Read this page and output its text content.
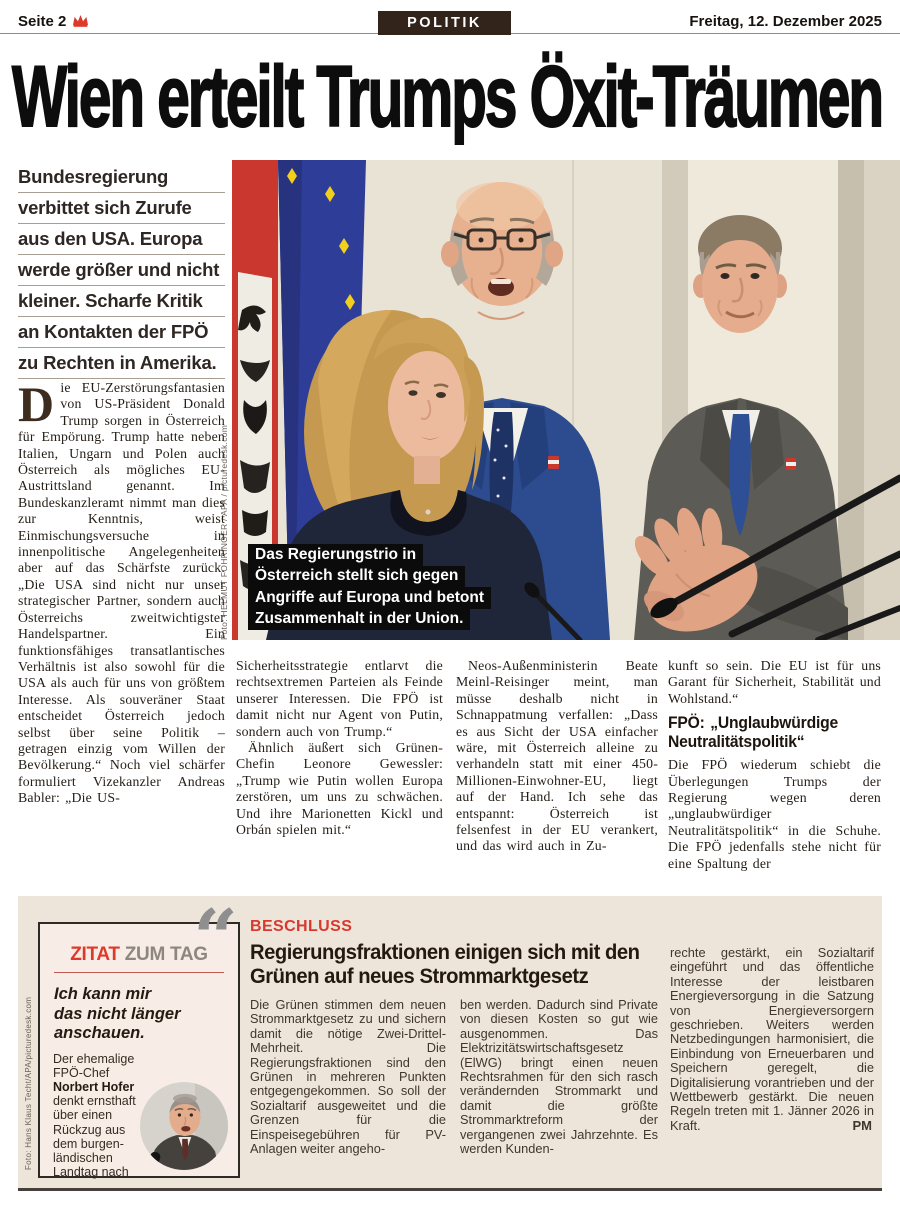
Seite 2	POLITIK	Freitag, 12. Dezember 2025
Wien erteilt Trumps Öxit-Träumen
Bundesregierung
verbittet sich Zurufe
aus den USA. Europa
werde größer und nicht
kleiner. Scharfe Kritik
an Kontakten der FPÖ
zu Rechten in Amerika.
Das Regierungstrio in
Österreich stellt sich gegen
Angriffe auf Europa und betont
Zusammenhalt in der Union.
Foto: HELMUT FOHRINGER / APA / picturedesk.com

Die EU-Zerstörungsfantasien von US-Präsident Donald Trump sorgen in Österreich für Empörung. Trump hatte neben Italien, Ungarn und Polen auch Österreich als mögliches EU-Austrittsland genannt. Im Bundeskanzleramt nimmt man dies zur Kenntnis, weist Einmischungsversuche in innenpolitische Angelegenheiten aber auf das Schärfste zurück. „Die USA sind nicht nur unser strategischer Partner, sondern auch Österreichs zweitwichtigster Handelspartner. Ein funktionsfähiges transatlantisches Verhältnis ist also sowohl für die USA als auch für uns von größtem Interesse. Als souveräner Staat entscheidet Österreich jedoch selbst über seine Politik – getragen einzig vom Willen der Bevölkerung.“ Noch viel schärfer formuliert Vizekanzler Andreas Babler: „Die US-

Sicherheitsstrategie entlarvt die rechtsextremen Parteien als Feinde unserer Interessen. Die FPÖ ist damit nicht nur Agent von Putin, sondern auch von Trump.“

Ähnlich äußert sich Grünen-Chefin Leonore Gewessler: „Trump wie Putin wollen Europa zerstören, um uns zu schwächen. Und ihre Marionetten Kickl und Orbán spielen mit.“

Neos-Außenministerin Beate Meinl-Reisinger meint, man müsse deshalb nicht in Schnappatmung verfallen: „Dass es aus Sicht der USA einfacher wäre, mit Österreich alleine zu verhandeln statt mit einer 450-Millionen-Einwohner-EU, liegt auf der Hand. Ich sehe das entspannt: Österreich ist felsenfest in der EU verankert, und das wird auch in Zu-

kunft so sein. Die EU ist für uns Garant für Sicherheit, Stabilität und Wohlstand.“

FPÖ: „Unglaubwürdige
Neutralitätspolitik“

Die FPÖ wiederum schiebt die Überlegungen Trumps der Regierung wegen deren „unglaubwürdiger Neutralitätspolitik“ in die Schuhe. Die FPÖ jedenfalls stehe nicht für eine Spaltung der

“
ZITAT ZUM TAG
Ich kann mir
das nicht länger
anschauen.

Der ehemalige FPÖ-Chef Norbert Hofer denkt ernsthaft über einen Rückzug aus dem burgenländischen Landtag nach

BESCHLUSS
Regierungsfraktionen einigen sich mit den
Grünen auf neues Strommarktgesetz
Die Grünen stimmen dem neuen Strommarktgesetz zu und sichern damit die nötige Zwei-Drittel-Mehrheit. Die Regierungsfraktionen sind den Grünen in mehreren Punkten entgegengekommen. So soll der Sozialtarif ausgeweitet und die Grenzen für die Einspeisegebühren für PV-Anlagen weiter angeho-
ben werden. Dadurch sind Private von diesen Kosten so gut wie ausgenommen. Das Elektrizitätswirtschaftsgesetz (ElWG) bringt einen neuen Rechtsrahmen für den sich rasch verändernden Strommarkt und damit die größte Strommarktreform der vergangenen zwei Jahrzehnte. Es werden Kunden-
rechte gestärkt, ein Sozialtarif eingeführt und das öffentliche Interesse der leistbaren Energieversorgung in die Satzung von Energieversorgern geschrieben. Weiters werden Netzbedingungen harmonisiert, die Einbindung von Erneuerbaren und Speichern geregelt, die Digitalisierung vorantrieben und der Wettbewerb gestärkt. Die neuen Regeln treten mit 1. Jänner 2026 in Kraft.	PM
Foto: Hans Klaus Techt/APA/picturedesk.com
